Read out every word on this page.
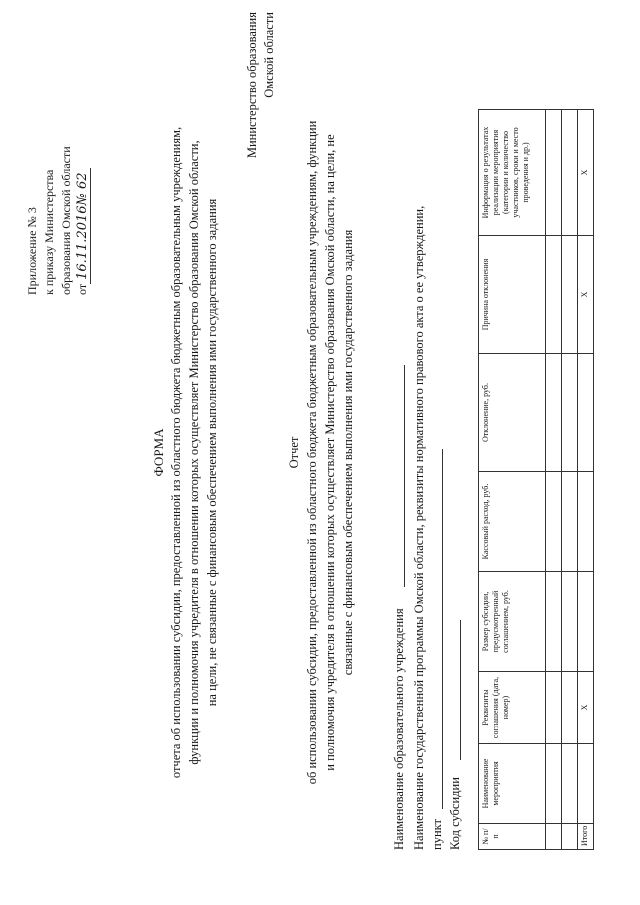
Приложение № 3 к приказу Министерства образования Омской области от16.11.2016№ 62
ФОРМА отчета об использовании субсидии, предоставленной из областного бюджета бюджетным образовательным учреждениям, функции и полномочия учредителя в отношении которых осуществляет Министерство образования Омской области, на цели, не связанные с финансовым обеспечением выполнения ими государственного задания
Министерство образования Омской области
Отчет об использовании субсидии, предоставленной из областного бюджета бюджетным образовательным учреждениям, функции и полномочия учредителя в отношении которых осуществляет Министерство образования Омской области, на цели, не связанные с финансовым обеспечением выполнения ими государственного задания
Наименование образовательного учреждения Наименование государственной программы Омской области, реквизиты нормативного правового акта о ее утверждении, пункт Код субсидии № п/п	Наименование мероприятия	Реквизиты соглашения (дата, номер)	Размер субсидии, предусмотренный соглашением, руб.	Кассовый расход, руб.	Отклонение, руб.	Причина отклонения	Информация о результатах реализации мероприятия (категории и количество участников, сроки и место проведения и др.)

Итого		X				X	X
